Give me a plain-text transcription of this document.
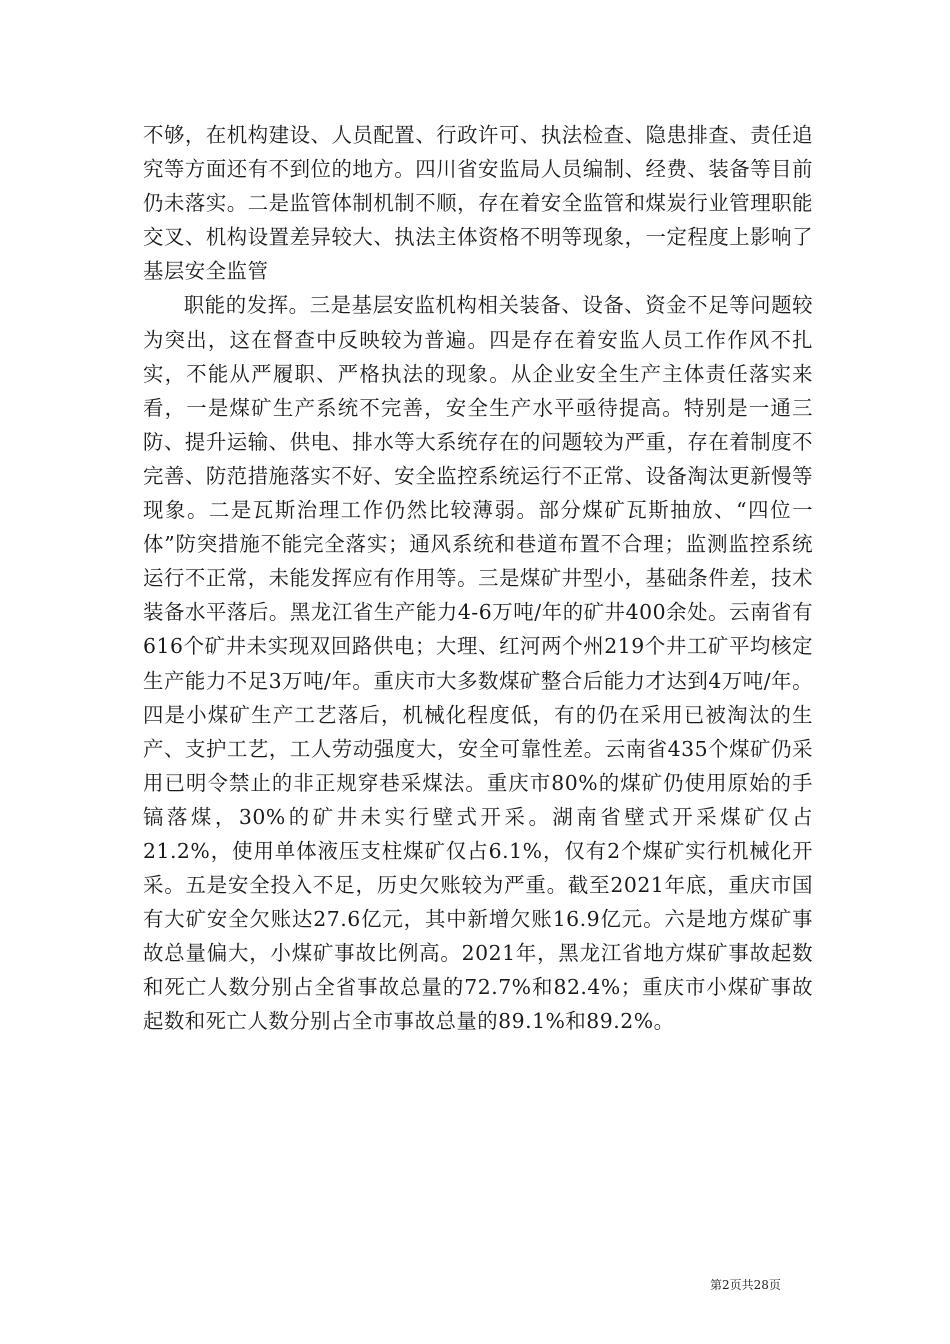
不够，在机构建设、人员配置、行政许可、执法检查、隐患排查、责任追究等方面还有不到位的地方。四川省安监局人员编制、经费、装备等目前仍未落实。二是监管体制机制不顺，存在着安全监管和煤炭行业管理职能交叉、机构设置差异较大、执法主体资格不明等现象，一定程度上影响了基层安全监管

职能的发挥。三是基层安监机构相关装备、设备、资金不足等问题较为突出，这在督查中反映较为普遍。四是存在着安监人员工作作风不扎实，不能从严履职、严格执法的现象。从企业安全生产主体责任落实来看，一是煤矿生产系统不完善，安全生产水平亟待提高。特别是一通三防、提升运输、供电、排水等大系统存在的问题较为严重，存在着制度不完善、防范措施落实不好、安全监控系统运行不正常、设备淘汰更新慢等现象。二是瓦斯治理工作仍然比较薄弱。部分煤矿瓦斯抽放、“四位一体”防突措施不能完全落实；通风系统和巷道布置不合理；监测监控系统运行不正常，未能发挥应有作用等。三是煤矿井型小，基础条件差，技术装备水平落后。黑龙江省生产能力4-6万吨/年的矿井400余处。云南省有616个矿井未实现双回路供电；大理、红河两个州219个井工矿平均核定生产能力不足3万吨/年。重庆市大多数煤矿整合后能力才达到4万吨/年。四是小煤矿生产工艺落后，机械化程度低，有的仍在采用已被淘汰的生产、支护工艺，工人劳动强度大，安全可靠性差。云南省435个煤矿仍采用已明令禁止的非正规穿巷采煤法。重庆市80%的煤矿仍使用原始的手镐落煤，30%的矿井未实行壁式开采。湖南省壁式开采煤矿仅占21.2%，使用单体液压支柱煤矿仅占6.1%，仅有2个煤矿实行机械化开采。五是安全投入不足，历史欠账较为严重。截至2021年底，重庆市国有大矿安全欠账达27.6亿元，其中新增欠账16.9亿元。六是地方煤矿事故总量偏大，小煤矿事故比例高。2021年，黑龙江省地方煤矿事故起数和死亡人数分别占全省事故总量的72.7%和82.4%；重庆市小煤矿事故起数和死亡人数分别占全市事故总量的89.1%和89.2%。

第2页共28页
